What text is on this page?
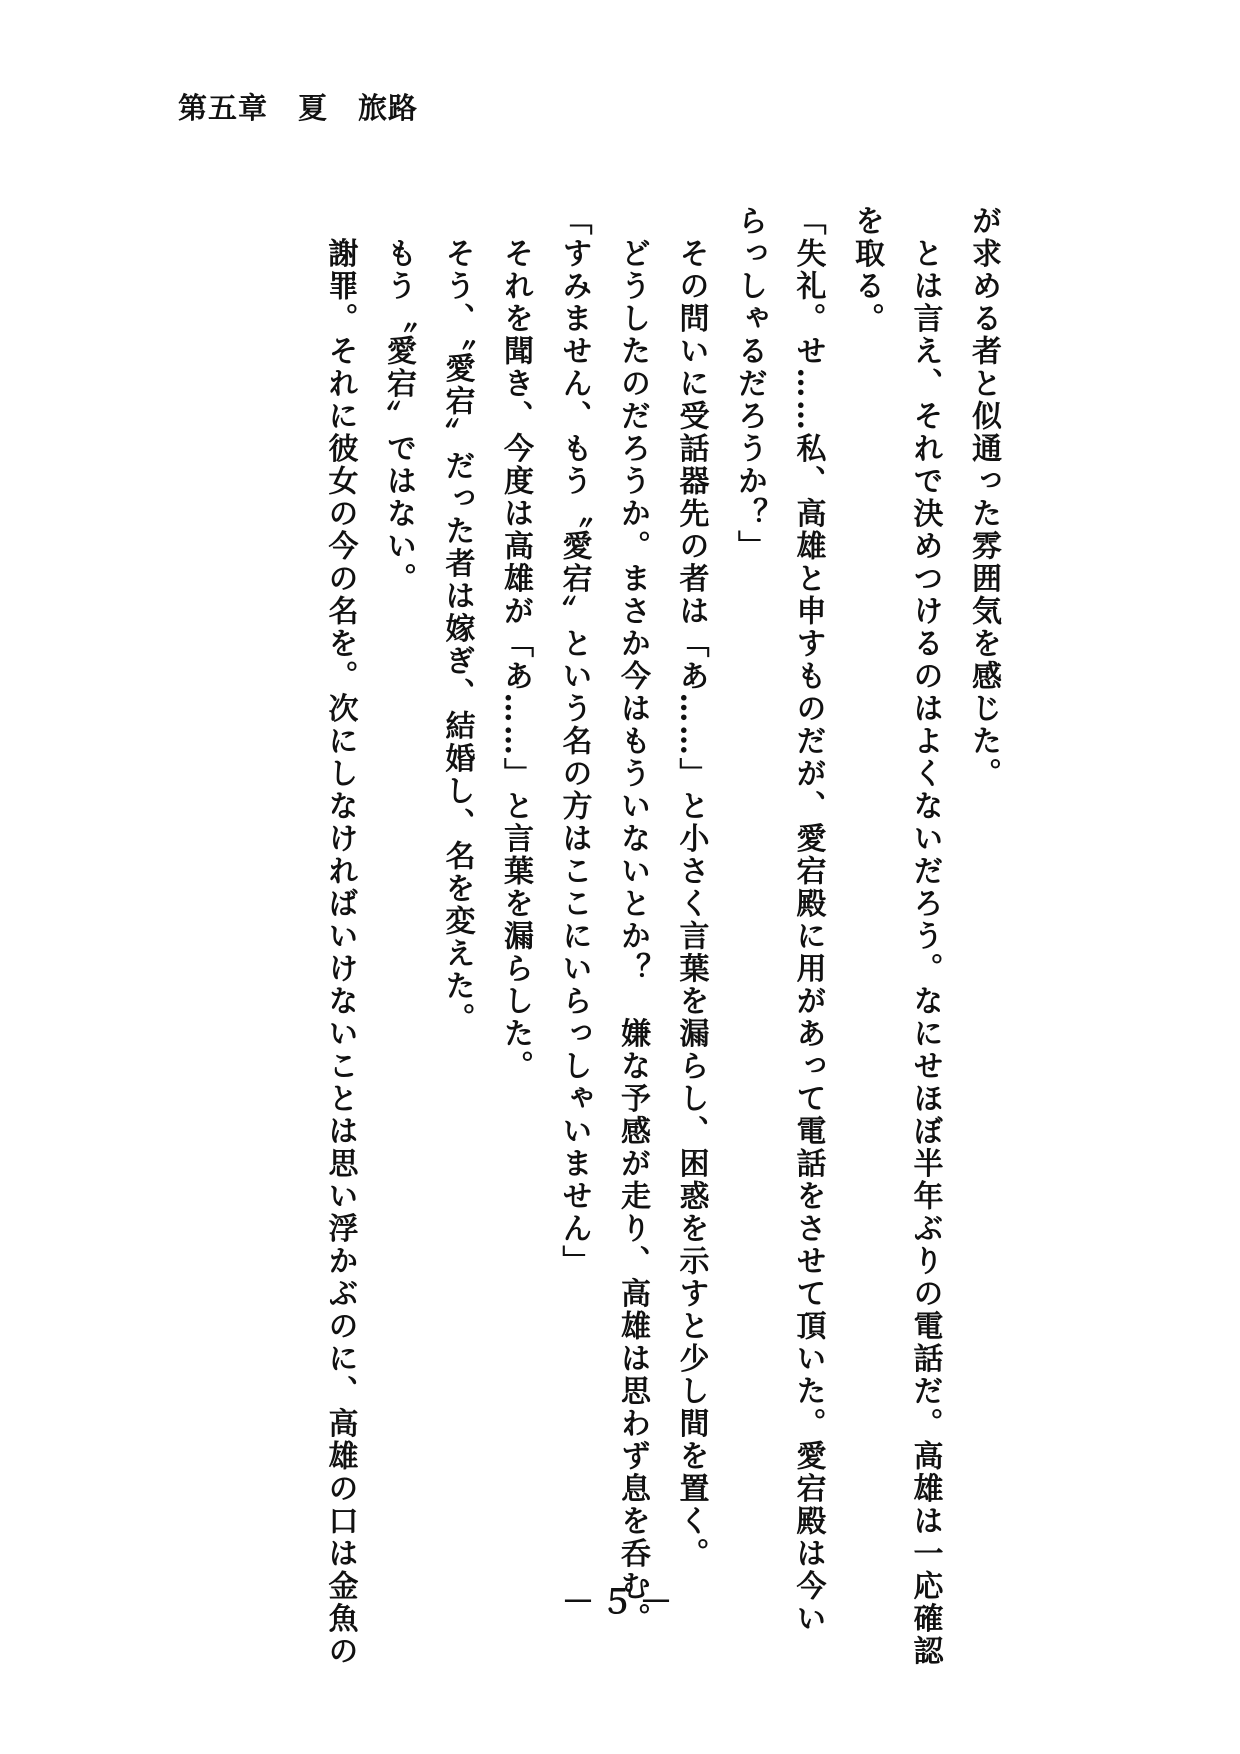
第五章　夏　旅路
が求める者と似通った雰囲気を感じた。
　とは言え、それで決めつけるのはよくないだろう。なにせほぼ半年ぶりの電話だ。高雄は一応確認
を取る。
「失礼。せ……私、高雄と申すものだが、愛宕殿に用があって電話をさせて頂いた。愛宕殿は今い
らっしゃるだろうか？」
　その問いに受話器先の者は「あ……」と小さく言葉を漏らし、困惑を示すと少し間を置く。
　どうしたのだろうか。まさか今はもういないとか？　嫌な予感が走り、高雄は思わず息を呑む。
「すみません、もう〝愛宕〟という名の方はここにいらっしゃいません」
　それを聞き、今度は高雄が「あ……」と言葉を漏らした。
　そう、〝愛宕〟だった者は嫁ぎ、結婚し、名を変えた。
　もう〝愛宕〟ではない。
　謝罪。それに彼女の今の名を。次にしなければいけないことは思い浮かぶのに、高雄の口は金魚の	－５－
